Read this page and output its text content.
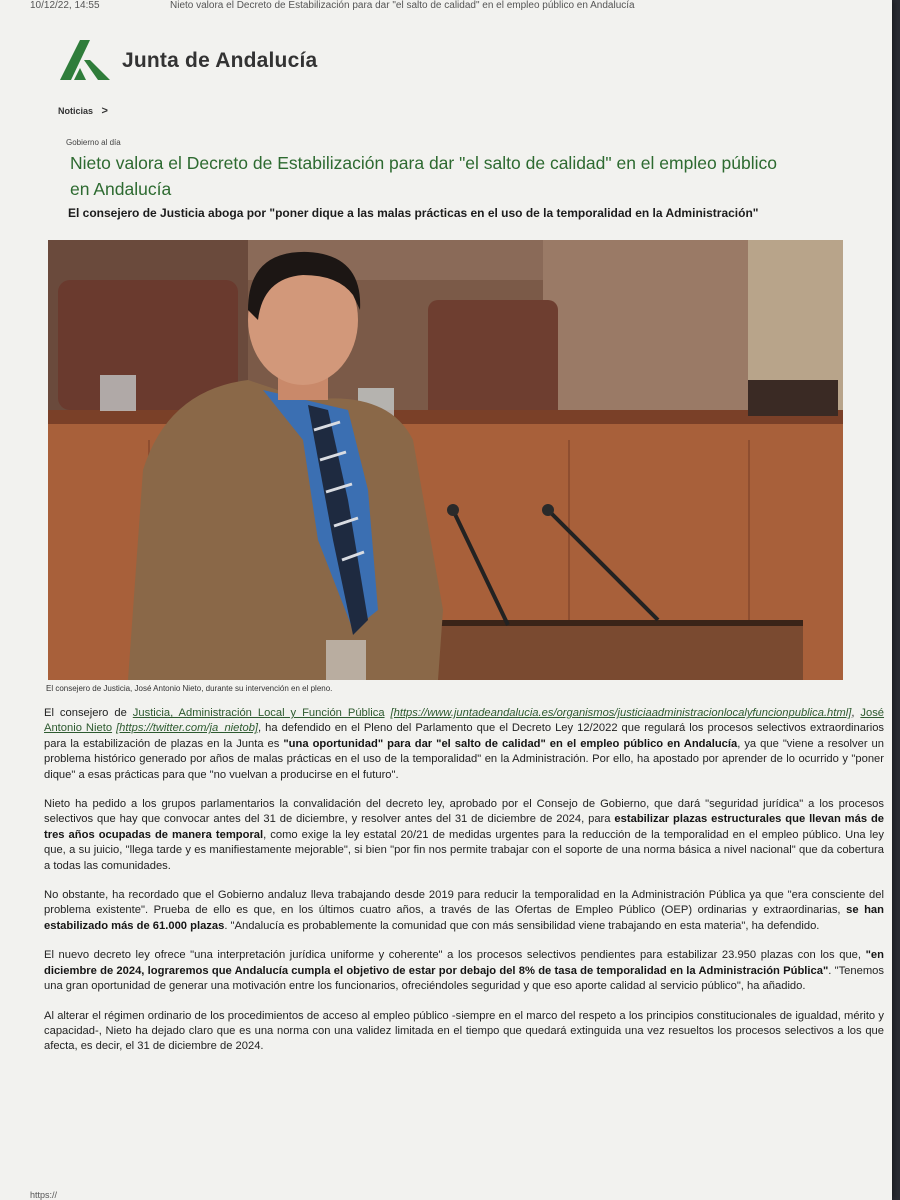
10/12/22, 14:55	Nieto valora el Decreto de Estabilización para dar "el salto de calidad" en el empleo público en Andalucía
Junta de Andalucía
Noticias >
Gobierno al día
Nieto valora el Decreto de Estabilización para dar "el salto de calidad" en el empleo público en Andalucía
El consejero de Justicia aboga por "poner dique a las malas prácticas en el uso de la temporalidad en la Administración"
El consejero de Justicia, José Antonio Nieto, durante su intervención en el pleno.

El consejero de Justicia, Administración Local y Función Pública [https://www.juntadeandalucia.es/organismos/justiciaadministracionlocalyfuncionpublica.html], José Antonio Nieto [https://twitter.com/ja_nietob], ha defendido en el Pleno del Parlamento que el Decreto Ley 12/2022 que regulará los procesos selectivos extraordinarios para la estabilización de plazas en la Junta es "una oportunidad" para dar "el salto de calidad" en el empleo público en Andalucía, ya que "viene a resolver un problema histórico generado por años de malas prácticas en el uso de la temporalidad" en la Administración. Por ello, ha apostado por aprender de lo ocurrido y "poner dique" a esas prácticas para que "no vuelvan a producirse en el futuro".

Nieto ha pedido a los grupos parlamentarios la convalidación del decreto ley, aprobado por el Consejo de Gobierno, que dará "seguridad jurídica" a los procesos selectivos que hay que convocar antes del 31 de diciembre, y resolver antes del 31 de diciembre de 2024, para estabilizar plazas estructurales que llevan más de tres años ocupadas de manera temporal, como exige la ley estatal 20/21 de medidas urgentes para la reducción de la temporalidad en el empleo público. Una ley que, a su juicio, "llega tarde y es manifiestamente mejorable", si bien "por fin nos permite trabajar con el soporte de una norma básica a nivel nacional" que da cobertura a todas las comunidades.

No obstante, ha recordado que el Gobierno andaluz lleva trabajando desde 2019 para reducir la temporalidad en la Administración Pública ya que "era consciente del problema existente". Prueba de ello es que, en los últimos cuatro años, a través de las Ofertas de Empleo Público (OEP) ordinarias y extraordinarias, se han estabilizado más de 61.000 plazas. "Andalucía es probablemente la comunidad que con más sensibilidad viene trabajando en esta materia", ha defendido.

El nuevo decreto ley ofrece "una interpretación jurídica uniforme y coherente" a los procesos selectivos pendientes para estabilizar 23.950 plazas con los que, "en diciembre de 2024, lograremos que Andalucía cumpla el objetivo de estar por debajo del 8% de tasa de temporalidad en la Administración Pública". "Tenemos una gran oportunidad de generar una motivación entre los funcionarios, ofreciéndoles seguridad y que eso aporte calidad al servicio público", ha añadido.

Al alterar el régimen ordinario de los procedimientos de acceso al empleo público -siempre en el marco del respeto a los principios constitucionales de igualdad, mérito y capacidad-, Nieto ha dejado claro que es una norma con una validez limitada en el tiempo que quedará extinguida una vez resueltos los procesos selectivos a los que afecta, es decir, el 31 de diciembre de 2024.

https://
